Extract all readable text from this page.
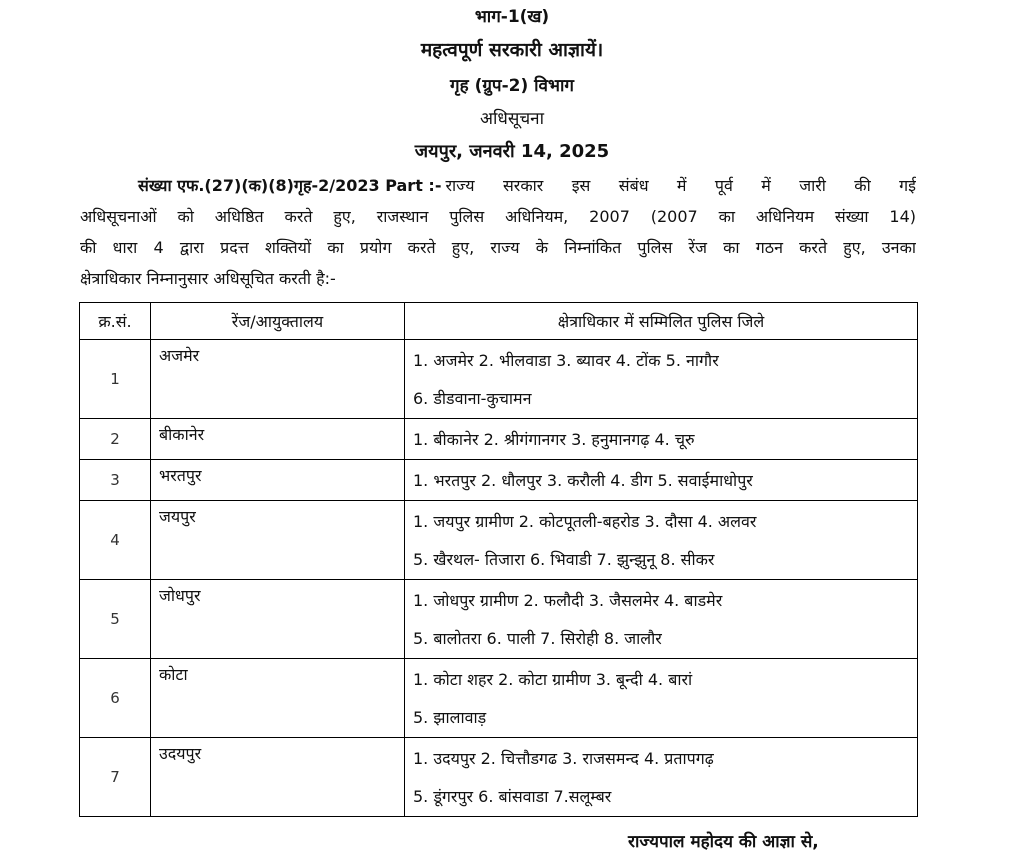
भाग-1(ख)
महत्वपूर्ण सरकारी आज्ञायें।
गृह (ग्रुप-2) विभाग
अधिसूचना
जयपुर, जनवरी 14, 2025
संख्या एफ.(27)(क)(8)गृह-2/2023 Part :- राज्य सरकार इस संबंध में पूर्व में जारी की गई
अधिसूचनाओं को अधिष्ठित करते हुए, राजस्थान पुलिस अधिनियम, 2007 (2007 का अधिनियम संख्या 14)
की धारा 4 द्वारा प्रदत्त शक्तियों का प्रयोग करते हुए, राज्य के निम्नांकित पुलिस रेंज का गठन करते हुए, उनका
क्षेत्राधिकार निम्नानुसार अधिसूचित करती है:-
क्र.सं.	रेंज/आयुक्तालय	क्षेत्राधिकार में सम्मिलित पुलिस जिले
1	अजमेर	1. अजमेर 2. भीलवाडा 3. ब्यावर 4. टोंक 5. नागौर
6. डीडवाना-कुचामन

2	बीकानेर	1. बीकानेर 2. श्रीगंगानगर 3. हनुमानगढ़ 4. चूरु

3	भरतपुर	1. भरतपुर 2. धौलपुर 3. करौली 4. डीग 5. सवाईमाधोपुर

4	जयपुर	1. जयपुर ग्रामीण 2. कोटपूतली-बहरोड 3. दौसा 4. अलवर
5. खैरथल- तिजारा 6. भिवाडी 7. झुन्झुनू 8. सीकर

5	जोधपुर	1. जोधपुर ग्रामीण 2. फलौदी 3. जैसलमेर 4. बाडमेर
5. बालोतरा 6. पाली 7. सिरोही 8. जालौर

6	कोटा	1. कोटा शहर 2. कोटा ग्रामीण 3. बून्दी 4. बारां
5. झालावाड़

7	उदयपुर	1. उदयपुर 2. चित्तौडगढ 3. राजसमन्द 4. प्रतापगढ़
5. डूंगरपुर 6. बांसवाडा 7.सलूम्बर
राज्यपाल महोदय की आज्ञा से,
